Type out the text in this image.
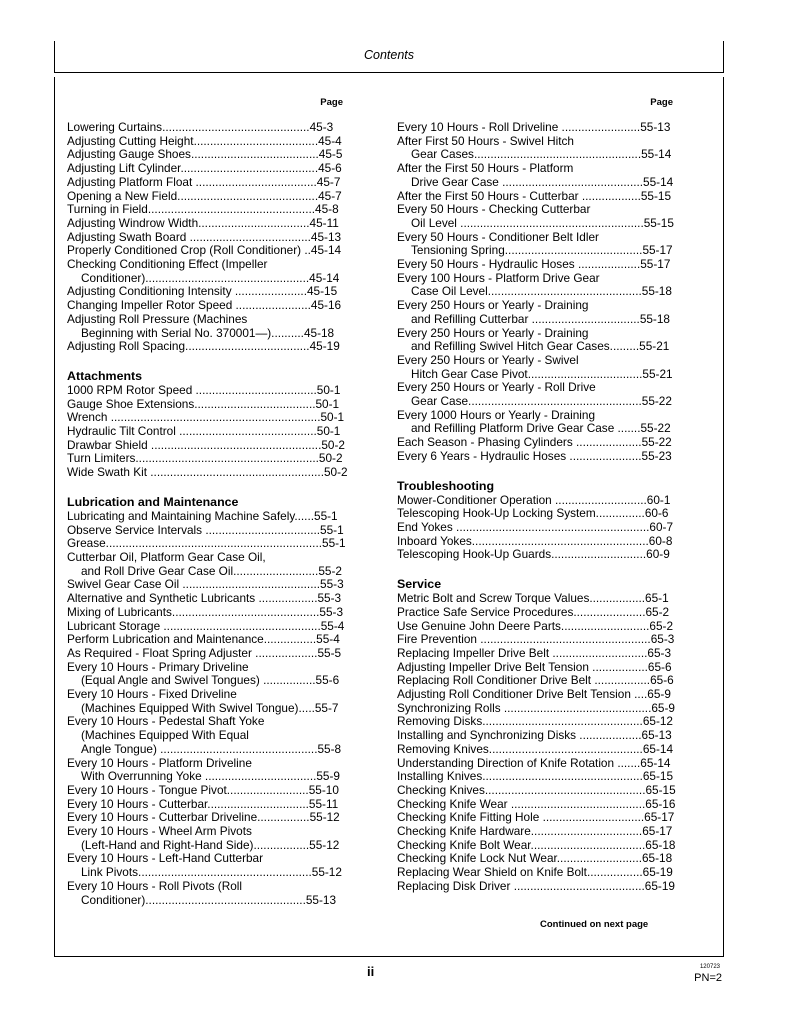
Contents
Page
Lowering Curtains.............................................45-3
Adjusting Cutting Height......................................45-4
Adjusting Gauge Shoes.......................................45-5
Adjusting Lift Cylinder..........................................45-6
Adjusting Platform Float .....................................45-7
Opening a New Field...........................................45-7
Turning in Field...................................................45-8
Adjusting Windrow Width..................................45-11
Adjusting Swath Board .....................................45-13
Properly Conditioned Crop (Roll Conditioner) ..45-14
Checking Conditioning Effect (Impeller
Conditioner)..................................................45-14
Adjusting Conditioning Intensity ......................45-15
Changing Impeller Rotor Speed .......................45-16
Adjusting Roll Pressure (Machines
Beginning with Serial No. 370001—)..........45-18
Adjusting Roll Spacing......................................45-19
Attachments
1000 RPM Rotor Speed .....................................50-1
Gauge Shoe Extensions.....................................50-1
Wrench ................................................................50-1
Hydraulic Tilt Control ..........................................50-1
Drawbar Shield ....................................................50-2
Turn Limiters........................................................50-2
Wide Swath Kit .....................................................50-2
Lubrication and Maintenance
Lubricating and Maintaining Machine Safely......55-1
Observe Service Intervals ...................................55-1
Grease..................................................................55-1
Cutterbar Oil, Platform Gear Case Oil,
and Roll Drive Gear Case Oil..........................55-2
Swivel Gear Case Oil ..........................................55-3
Alternative and Synthetic Lubricants ..................55-3
Mixing of Lubricants.............................................55-3
Lubricant Storage ................................................55-4
Perform Lubrication and Maintenance................55-4
As Required - Float Spring Adjuster ...................55-5
Every 10 Hours - Primary Driveline
(Equal Angle and Swivel Tongues) ................55-6
Every 10 Hours - Fixed Driveline
(Machines Equipped With Swivel Tongue).....55-7
Every 10 Hours - Pedestal Shaft Yoke
(Machines Equipped With Equal
Angle Tongue) ................................................55-8
Every 10 Hours - Platform Driveline
With Overrunning Yoke ..................................55-9
Every 10 Hours - Tongue Pivot.........................55-10
Every 10 Hours - Cutterbar...............................55-11
Every 10 Hours - Cutterbar Driveline................55-12
Every 10 Hours - Wheel Arm Pivots
(Left-Hand and Right-Hand Side).................55-12
Every 10 Hours - Left-Hand Cutterbar
Link Pivots.....................................................55-12
Every 10 Hours - Roll Pivots (Roll
Conditioner).................................................55-13
Page
Every 10 Hours - Roll Driveline ........................55-13
After First 50 Hours - Swivel Hitch
Gear Cases...................................................55-14
After the First 50 Hours - Platform
Drive Gear Case ...........................................55-14
After the First 50 Hours - Cutterbar ..................55-15
Every 50 Hours - Checking Cutterbar
Oil Level ........................................................55-15
Every 50 Hours - Conditioner Belt Idler
Tensioning Spring..........................................55-17
Every 50 Hours - Hydraulic Hoses ...................55-17
Every 100 Hours - Platform Drive Gear
Case Oil Level...............................................55-18
Every 250 Hours or Yearly - Draining
and Refilling Cutterbar .................................55-18
Every 250 Hours or Yearly - Draining
and Refilling Swivel Hitch Gear Cases.........55-21
Every 250 Hours or Yearly - Swivel
Hitch Gear Case Pivot...................................55-21
Every 250 Hours or Yearly - Roll Drive
Gear Case.....................................................55-22
Every 1000 Hours or Yearly - Draining
and Refilling Platform Drive Gear Case .......55-22
Each Season - Phasing Cylinders ....................55-22
Every 6 Years - Hydraulic Hoses ......................55-23
Troubleshooting
Mower-Conditioner Operation ............................60-1
Telescoping Hook-Up Locking System...............60-6
End Yokes ...........................................................60-7
Inboard Yokes......................................................60-8
Telescoping Hook-Up Guards.............................60-9
Service
Metric Bolt and Screw Torque Values.................65-1
Practice Safe Service Procedures......................65-2
Use Genuine John Deere Parts...........................65-2
Fire Prevention ....................................................65-3
Replacing Impeller Drive Belt .............................65-3
Adjusting Impeller Drive Belt Tension .................65-6
Replacing Roll Conditioner Drive Belt .................65-6
Adjusting Roll Conditioner Drive Belt Tension ....65-9
Synchronizing Rolls .............................................65-9
Removing Disks.................................................65-12
Installing and Synchronizing Disks ...................65-13
Removing Knives...............................................65-14
Understanding Direction of Knife Rotation .......65-14
Installing Knives.................................................65-15
Checking Knives.................................................65-15
Checking Knife Wear .........................................65-16
Checking Knife Fitting Hole ...............................65-17
Checking Knife Hardware..................................65-17
Checking Knife Bolt Wear...................................65-18
Checking Knife Lock Nut Wear..........................65-18
Replacing Wear Shield on Knife Bolt.................65-19
Replacing Disk Driver ........................................65-19
Continued on next page
ii	120723
PN=2
